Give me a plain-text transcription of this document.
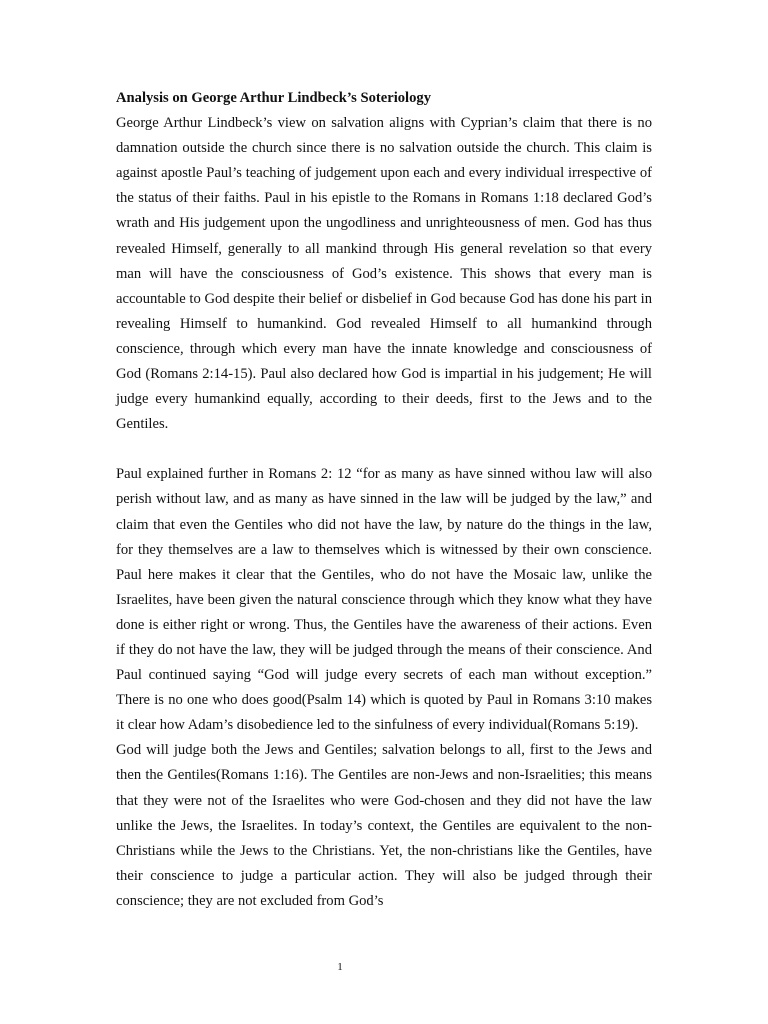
Analysis on George Arthur Lindbeck’s Soteriology

George Arthur Lindbeck’s view on salvation aligns with Cyprian’s claim that there is no damnation outside the church since there is no salvation outside the church. This claim is against apostle Paul’s teaching of judgement upon each and every individual irrespective of the status of their faiths. Paul in his epistle to the Romans in Romans 1:18 declared God’s wrath and His judgement upon the ungodliness and unrighteousness of men. God has thus revealed Himself, generally to all mankind through His general revelation so that every man will have the consciousness of God’s existence. This shows that every man is accountable to God despite their belief or disbelief in God because God has done his part in revealing Himself to humankind. God revealed Himself to all humankind through conscience, through which every man have the innate knowledge and consciousness of God (Romans 2:14-15). Paul also declared how God is impartial in his judgement; He will judge every humankind equally, according to their deeds, first to the Jews and to the Gentiles.

Paul explained further in Romans 2: 12 “for as many as have sinned withou law will also perish without law, and as many as have sinned in the law will be judged by the law,” and claim that even the Gentiles who did not have the law, by nature do the things in the law, for they themselves are a law to themselves which is witnessed by their own conscience. Paul here makes it clear that the Gentiles, who do not have the Mosaic law, unlike the Israelites, have been given the natural conscience through which they know what they have done is either right or wrong. Thus, the Gentiles have the awareness of their actions. Even if they do not have the law, they will be judged through the means of their conscience. And Paul continued saying “God will judge every secrets of each man without exception.” There is no one who does good(Psalm 14) which is quoted by Paul in Romans 3:10 makes it clear how Adam’s disobedience led to the sinfulness of every individual(Romans 5:19).

God will judge both the Jews and Gentiles; salvation belongs to all, first to the Jews and then the Gentiles(Romans 1:16). The Gentiles are non-Jews and non-Israelities; this means that they were not of the Israelites who were God-chosen and they did not have the law unlike the Jews, the Israelites. In today’s context, the Gentiles are equivalent to the non-Christians while the Jews to the Christians. Yet, the non-christians like the Gentiles, have their conscience to judge a particular action. They will also be judged through their conscience; they are not excluded from God’s

1
